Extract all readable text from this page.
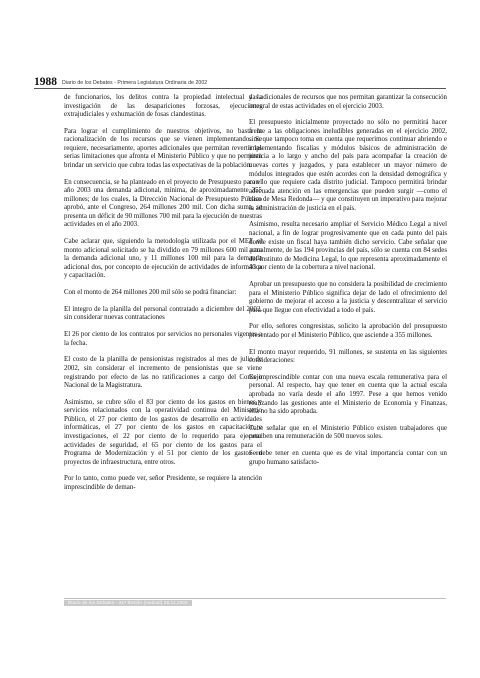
1988 Diario de los Debates - Primera Legislatura Ordinaria de 2002

de funcionarios, los delitos contra la propiedad intelectual y la investigación de las desapariciones forzosas, ejecuciones extrajudiciales y exhumación de fosas clandestinas.

Para lograr el cumplimiento de nuestros objetivos, no basta la racionalización de los recursos que se vienen implementando. Se requiere, necesariamente, aportes adicionales que permitan revertir las serias limitaciones que afronta el Ministerio Público y que no permiten brindar un servicio que cubra todas las expectativas de la población.

En consecuencia, se ha planteado en el proyecto de Presupuesto para el año 2003 una demanda adicional, mínima, de aproximadamente 355 millones; de los cuales, la Dirección Nacional de Presupuesto Público aprobó, ante el Congreso, 264 millones 200 mil. Con dicha suma, se presenta un déficit de 90 millones 700 mil para la ejecución de nuestras actividades en el año 2003.

Cabe aclarar que, siguiendo la metodología utilizada por el MEF, el monto adicional solicitado se ha dividido en 79 millones 600 mil para la demanda adicional uno, y 11 millones 100 mil para la demanda adicional dos, por concepto de ejecución de actividades de informática y capacitación.

Con el monto de 264 millones 200 mil sólo se podrá financiar:

El íntegro de la planilla del personal contratado a diciembre del 2002, sin considerar nuevas contrataciones

El 26 por ciento de los contratos por servicios no personales vigentes a la fecha.

El costo de la planilla de pensionistas registrados al mes de julio de 2002, sin considerar el incremento de pensionistas que se viene registrando por efecto de las no ratificaciones a cargo del Consejo Nacional de la Magistratura.

Asimismo, se cubre sólo el 83 por ciento de los gastos en bienes y servicios relacionados con la operatividad continua del Ministerio Público, el 27 por ciento de los gastos de desarrollo en actividades informáticas, el 27 por ciento de los gastos en capacitación e investigaciones, el 22 por ciento de lo requerido para ejecutar actividades de seguridad, el 65 por ciento de los gastos para el Programa de Modernización y el 51 por ciento de los gastos en proyectos de infraestructura, entre otros.

Por lo tanto, como puede ver, señor Presidente, se requiere la atención imprescindible de deman-

das adicionales de recursos que nos permitan garantizar la consecución integral de estas actividades en el ejercicio 2003.

El presupuesto inicialmente proyectado no sólo no permitirá hacer frente a las obligaciones ineludibles generadas en el ejercicio 2002, sino que tampoco toma en cuenta que requerimos continuar abriendo e implementando fiscalías y módulos básicos de administración de justicia a lo largo y ancho del país para acompañar la creación de nuevas cortes y juzgados, y para establecer un mayor número de módulos integrados que estén acordes con la densidad demográfica y con lo que requiere cada distrito judicial. Tampoco permitirá brindar adecuada atención en las emergencias que pueden surgir —como el caso de Mesa Redonda— y que constituyen un imperativo para mejorar la administración de justicia en el país.

Asimismo, resulta necesario ampliar el Servicio Médico Legal a nivel nacional, a fin de lograr progresivamente que en cada punto del país donde existe un fiscal haya también dicho servicio. Cabe señalar que actualmente, de las 194 provincias del país, sólo se cuenta con 84 sedes del Instituto de Medicina Legal, lo que representa aproximadamente el 43 por ciento de la cobertura a nivel nacional.

Aprobar un presupuesto que no considera la posibilidad de crecimiento para el Ministerio Público significa dejar de lado el ofrecimiento del gobierno de mejorar el acceso a la justicia y descentralizar el servicio para que llegue con efectividad a todo el país.

Por ello, señores congresistas, solicito la aprobación del presupuesto presentado por el Ministerio Público, que asciende a 355 millones.

El monto mayor requerido, 91 millones, se sustenta en las siguientes consideraciones:

Es imprescindible contar con una nueva escala remunerativa para el personal. Al respecto, hay que tener en cuenta que la actual escala aprobada no varía desde el año 1997. Pese a que hemos venido realizando las gestiones ante el Ministerio de Economía y Finanzas, ella no ha sido aprobada.

Cabe señalar que en el Ministerio Público existen trabajadores que perciben una remuneración de 500 nuevos soles.

Se debe tener en cuenta que es de vital importancia contar con un grupo humano satisfacto-

Diario de los Debates - 21ª Sesión (matinal) 28.11.2002
